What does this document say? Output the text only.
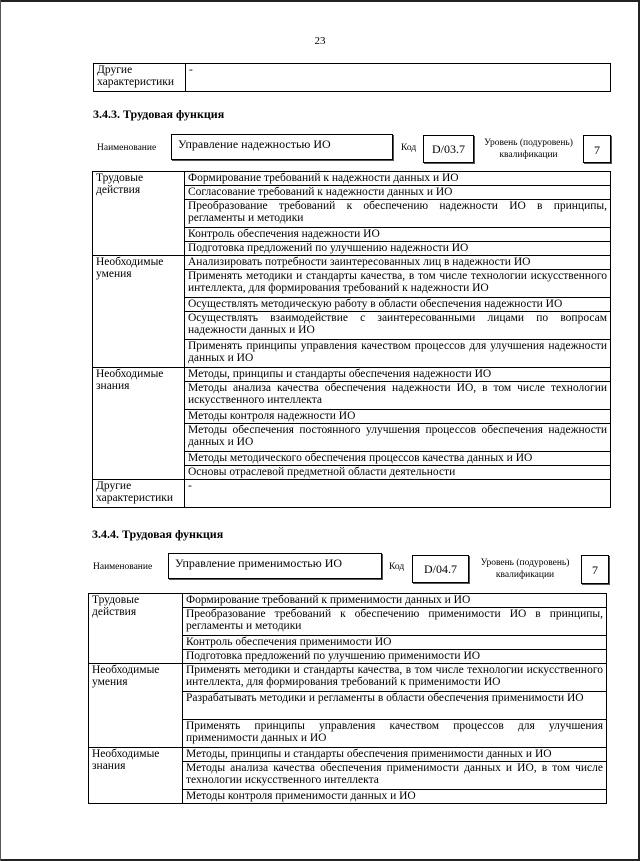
23
Другие характеристики	-
3.4.3. Трудовая функция
Наименование	Управление надежностью ИО	Код	D/03.7	Уровень (подуровень) квалификации	7
Трудовые действия	Формирование требований к надежности данных и ИО
	Согласование требований к надежности данных и ИО
	Преобразование требований к обеспечению надежности ИО в принципы, регламенты и методики
	Контроль обеспечения надежности ИО
	Подготовка предложений по улучшению надежности ИО
Необходимые умения	Анализировать потребности заинтересованных лиц в надежности ИО
	Применять методики и стандарты качества, в том числе технологии искусственного интеллекта, для формирования требований к надежности ИО
	Осуществлять методическую работу в области обеспечения надежности ИО
	Осуществлять взаимодействие с заинтересованными лицами по вопросам надежности данных и ИО
	Применять принципы управления качеством процессов для улучшения надежности данных и ИО
Необходимые знания	Методы, принципы и стандарты обеспечения надежности ИО
	Методы анализа качества обеспечения надежности ИО, в том числе технологии искусственного интеллекта
	Методы контроля надежности ИО
	Методы обеспечения постоянного улучшения процессов обеспечения надежности данных и ИО
	Методы методического обеспечения процессов качества данных и ИО
	Основы отраслевой предметной области деятельности
Другие характеристики	-
3.4.4. Трудовая функция
Наименование	Управление применимостью ИО	Код	D/04.7	Уровень (подуровень) квалификации	7
Трудовые действия	Формирование требований к применимости данных и ИО
	Преобразование требований к обеспечению применимости ИО в принципы, регламенты и методики
	Контроль обеспечения применимости ИО
	Подготовка предложений по улучшению применимости ИО
Необходимые умения	Применять методики и стандарты качества, в том числе технологии искусственного интеллекта, для формирования требований к применимости ИО
	Разрабатывать методики и регламенты в области обеспечения применимости ИО
	Применять принципы управления качеством процессов для улучшения применимости данных и ИО
Необходимые знания	Методы, принципы и стандарты обеспечения применимости данных и ИО
	Методы анализа качества обеспечения применимости данных и ИО, в том числе технологии искусственного интеллекта
	Методы контроля применимости данных и ИО
